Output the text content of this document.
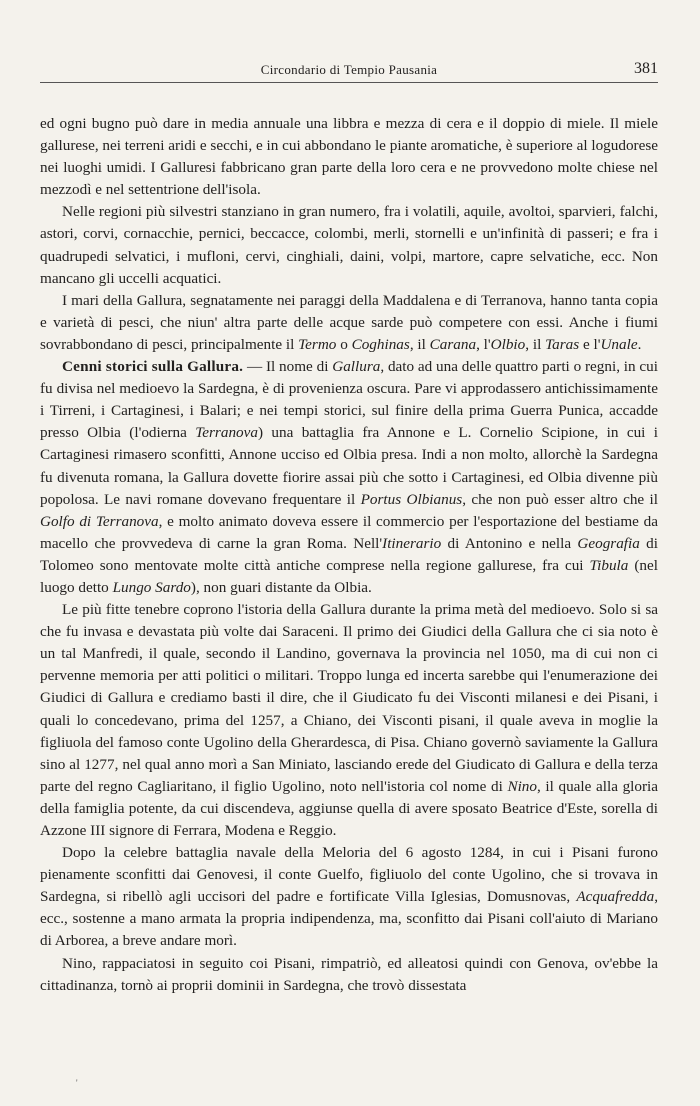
Circondario di Tempio Pausania	381

ed ogni bugno può dare in media annuale una libbra e mezza di cera e il doppio di miele. Il miele gallurese, nei terreni aridi e secchi, e in cui abbondano le piante aromatiche, è superiore al logudorese nei luoghi umidi. I Galluresi fabbricano gran parte della loro cera e ne provvedono molte chiese nel mezzodì e nel settentrione dell'isola.

Nelle regioni più silvestri stanziano in gran numero, fra i volatili, aquile, avoltoi, sparvieri, falchi, astori, corvi, cornacchie, pernici, beccacce, colombi, merli, stornelli e un'infinità di passeri; e fra i quadrupedi selvatici, i mufloni, cervi, cinghiali, daini, volpi, martore, capre selvatiche, ecc. Non mancano gli uccelli acquatici.

I mari della Gallura, segnatamente nei paraggi della Maddalena e di Terranova, hanno tanta copia e varietà di pesci, che niun' altra parte delle acque sarde può competere con essi. Anche i fiumi sovrabbondano di pesci, principalmente il Termo o Coghinas, il Carana, l'Olbio, il Taras e l'Unale.

Cenni storici sulla Gallura. — Il nome di Gallura, dato ad una delle quattro parti o regni, in cui fu divisa nel medioevo la Sardegna, è di provenienza oscura. Pare vi approdassero antichissimamente i Tirreni, i Cartaginesi, i Balari; e nei tempi storici, sul finire della prima Guerra Punica, accadde presso Olbia (l'odierna Terranova) una battaglia fra Annone e L. Cornelio Scipione, in cui i Cartaginesi rimasero sconfitti, Annone ucciso ed Olbia presa. Indi a non molto, allorchè la Sardegna fu divenuta romana, la Gallura dovette fiorire assai più che sotto i Cartaginesi, ed Olbia divenne più popolosa. Le navi romane dovevano frequentare il Portus Olbianus, che non può esser altro che il Golfo di Terranova, e molto animato doveva essere il commercio per l'esportazione del bestiame da macello che provvedeva di carne la gran Roma. Nell'Itinerario di Antonino e nella Geografia di Tolomeo sono mentovate molte città antiche comprese nella regione gallurese, fra cui Tibula (nel luogo detto Lungo Sardo), non guari distante da Olbia.

Le più fitte tenebre coprono l'istoria della Gallura durante la prima metà del medioevo. Solo si sa che fu invasa e devastata più volte dai Saraceni. Il primo dei Giudici della Gallura che ci sia noto è un tal Manfredi, il quale, secondo il Landino, governava la provincia nel 1050, ma di cui non ci pervenne memoria per atti politici o militari. Troppo lunga ed incerta sarebbe qui l'enumerazione dei Giudici di Gallura e crediamo basti il dire, che il Giudicato fu dei Visconti milanesi e dei Pisani, i quali lo concedevano, prima del 1257, a Chiano, dei Visconti pisani, il quale aveva in moglie la figliuola del famoso conte Ugolino della Gherardesca, di Pisa. Chiano governò saviamente la Gallura sino al 1277, nel qual anno morì a San Miniato, lasciando erede del Giudicato di Gallura e della terza parte del regno Cagliaritano, il figlio Ugolino, noto nell'istoria col nome di Nino, il quale alla gloria della famiglia potente, da cui discendeva, aggiunse quella di avere sposato Beatrice d'Este, sorella di Azzone III signore di Ferrara, Modena e Reggio.

Dopo la celebre battaglia navale della Meloria del 6 agosto 1284, in cui i Pisani furono pienamente sconfitti dai Genovesi, il conte Guelfo, figliuolo del conte Ugolino, che si trovava in Sardegna, si ribellò agli uccisori del padre e fortificate Villa Iglesias, Domusnovas, Acquafredda, ecc., sostenne a mano armata la propria indipendenza, ma, sconfitto dai Pisani coll'aiuto di Mariano di Arborea, a breve andare morì.

Nino, rappaciatosi in seguito coi Pisani, rimpatriò, ed alleatosi quindi con Genova, ov'ebbe la cittadinanza, tornò ai proprii dominii in Sardegna, che trovò dissestata

'
